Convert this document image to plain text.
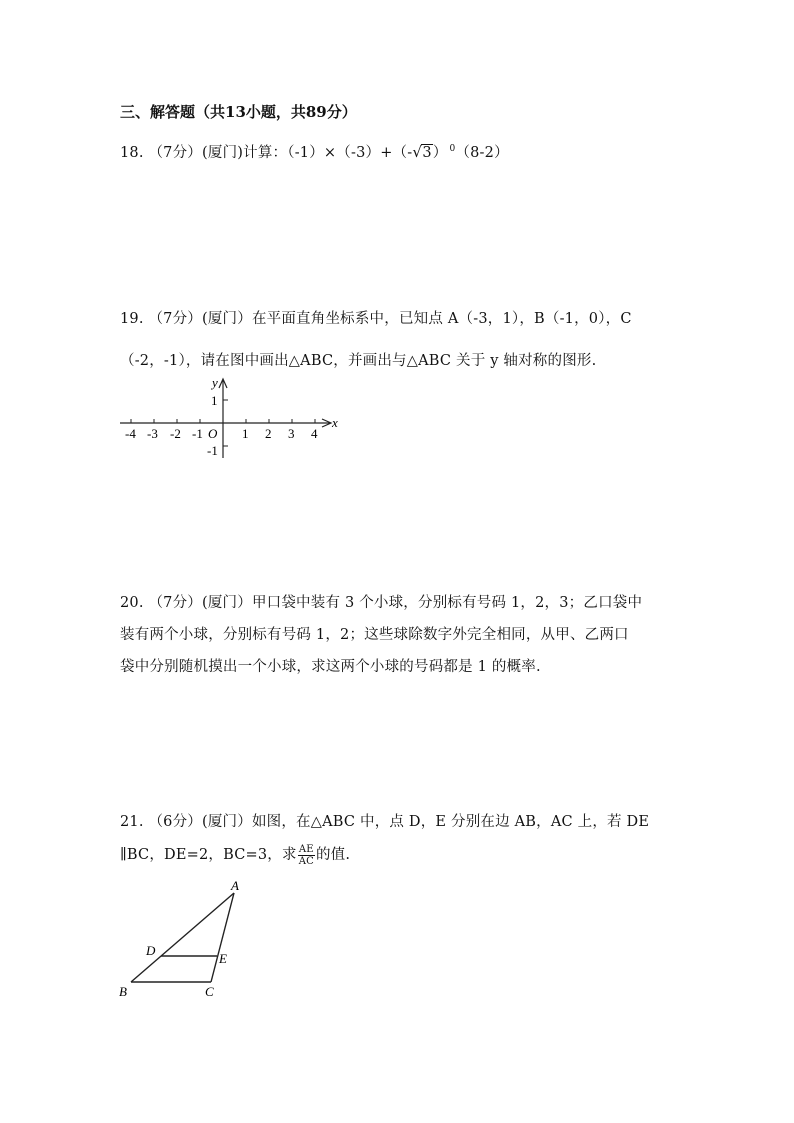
三、解答题（共13小题，共89分）
18. （7分）(厦门)计算：（-1）×（-3）+（- √ 3） $^0$（8-2）
19. （7分）(厦门）在平面直角坐标系中，已知点 A（-3，1），B（-1，0），C
（-2，-1），请在图中画出△ABC，并画出与△ABC 关于 y 轴对称的图形.
-4 -3 -2 -1 O 1 2 3 4
1
-1
x
y
20. （7分）(厦门）甲口袋中装有 3 个小球，分别标有号码 1，2，3；乙口袋中
装有两个小球，分别标有号码 1，2；这些球除数字外完全相同，从甲、乙两口
袋中分别随机摸出一个小球，求这两个小球的号码都是 1 的概率.
21. （6分）(厦门）如图，在△ABC 中，点 D，E 分别在边 AB，AC 上，若 DE
∥BC，DE=2，BC=3，求 $\frac{AE}{AC}$ 的值.
A
B	C
D
E
